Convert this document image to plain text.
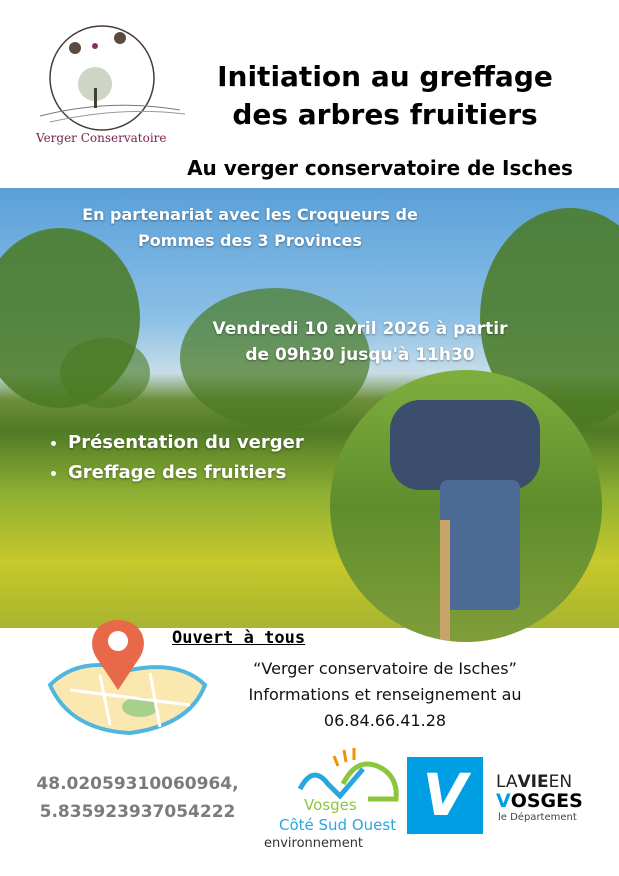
Verger Conservatoire
Initiation au greffage
des arbres fruitiers
Au verger conservatoire de Isches
En partenariat avec les Croqueurs de
Pommes des 3 Provinces
Vendredi 10 avril 2026 à partir
de 09h30 jusqu'à 11h30
• Présentation du verger
• Greffage des fruitiers
Ouvert à tous
“Verger conservatoire de Isches”
Informations et renseignement au
06.84.66.41.28
48.02059310060964,
5.835923937054222	Vosges
Côté Sud Ouest
environnement
V	LAVIEEN
VOSGES
le Département
